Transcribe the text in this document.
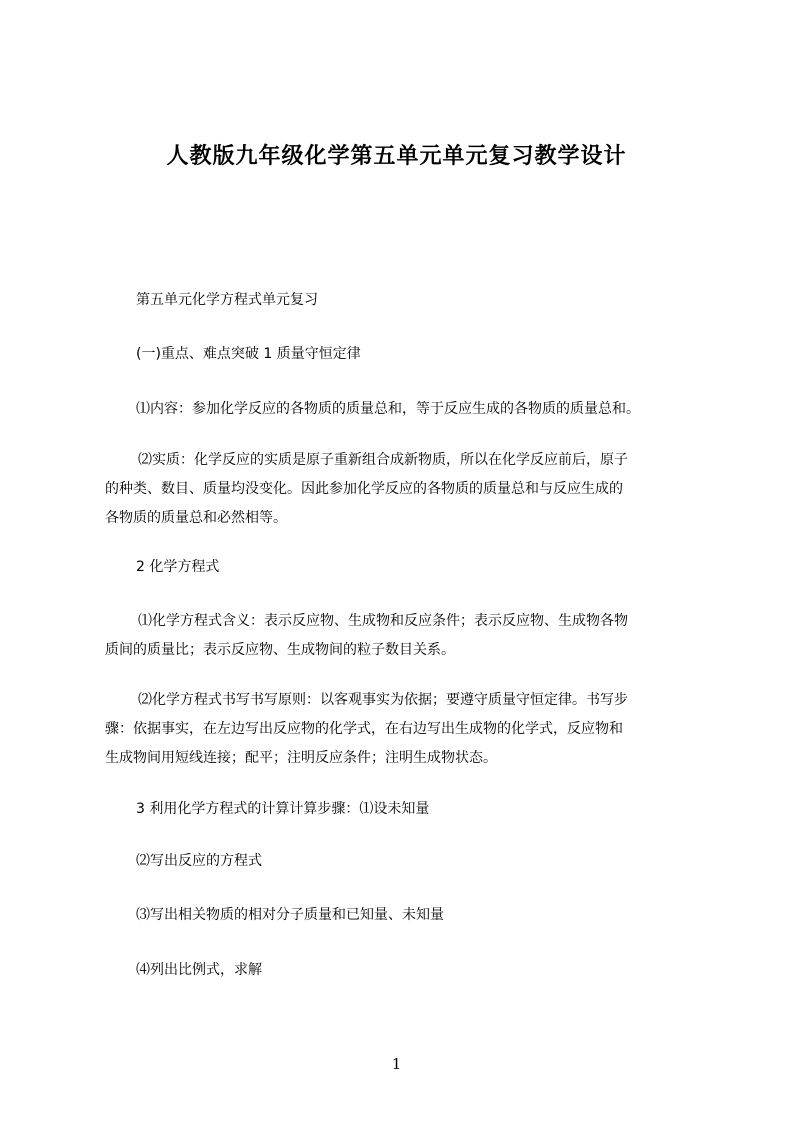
人教版九年级化学第五单元单元复习教学设计
第五单元化学方程式单元复习
(一)重点、难点突破 1 质量守恒定律
⑴内容：参加化学反应的各物质的质量总和，等于反应生成的各物质的质量总和。
⑵实质：化学反应的实质是原子重新组合成新物质，所以在化学反应前后，原子
的种类、数目、质量均没变化。因此参加化学反应的各物质的质量总和与反应生成的
各物质的质量总和必然相等。
2 化学方程式
⑴化学方程式含义：表示反应物、生成物和反应条件；表示反应物、生成物各物
质间的质量比；表示反应物、生成物间的粒子数目关系。
⑵化学方程式书写书写原则：以客观事实为依据；要遵守质量守恒定律。书写步
骤：依据事实，在左边写出反应物的化学式，在右边写出生成物的化学式，反应物和
生成物间用短线连接；配平；注明反应条件；注明生成物状态。
3 利用化学方程式的计算计算步骤：⑴设未知量
⑵写出反应的方程式
⑶写出相关物质的相对分子质量和已知量、未知量
⑷列出比例式，求解
1
